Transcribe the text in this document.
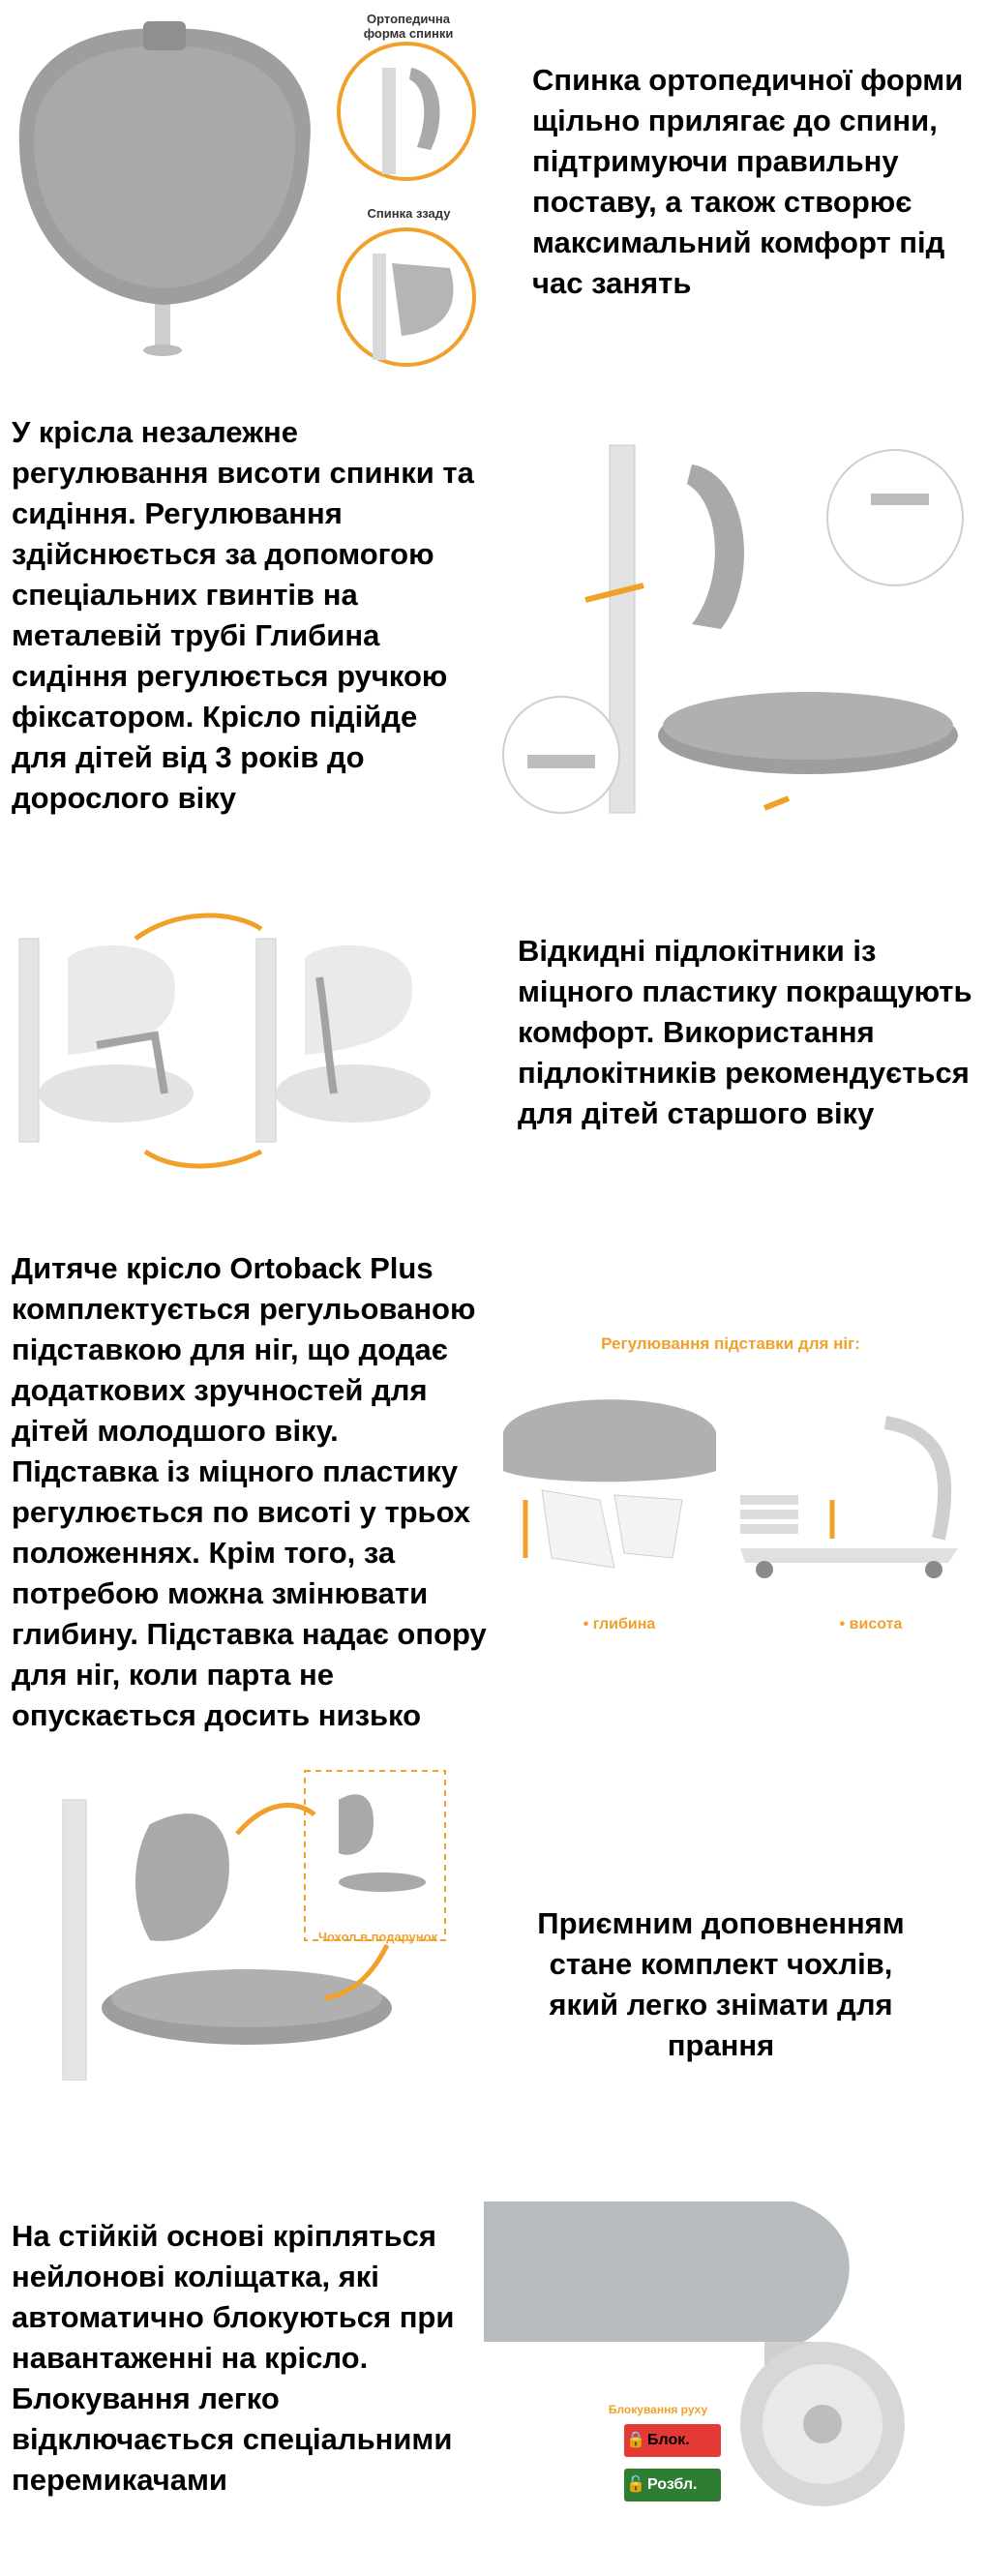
Ортопедична форма спинки
Спинка ззаду
Спинка ортопедичної форми щільно прилягає до спини, підтримуючи правильну поставу, а також створює максимальний комфорт під час занять
У крісла незалежне регулювання висоти спинки та сидіння. Регулювання здійснюється за допомогою спеціальних гвинтів на металевій трубі Глибина сидіння регулюється ручкою фіксатором. Крісло підійде для дітей від 3 років до дорослого віку
Відкидні підлокітники із міцного пластику покращують комфорт. Використання підлокітників рекомендується для дітей старшого віку
Дитяче крісло Ortoback Plus комплектується регульованою підставкою для ніг, що додає додаткових зручностей для дітей молодшого віку. Підставка із міцного пластику регулюється по висоті у трьох положеннях. Крім того, за потребою можна змінювати глибину. Підставка надає опору для ніг, коли парта не опускається досить низько
Регулювання підставки для ніг:
• глибина	• висота
Чохол в подарунок	Приємним доповненням стане комплект чохлів, який легко знімати для прання
На стійкій основі кріпляться нейлонові коліщатка, які автоматично блокуються при навантаженні на крісло. Блокування легко відключається спеціальними перемикачами
Блокування руху
🔒 Блок.
🔓 Розбл.
